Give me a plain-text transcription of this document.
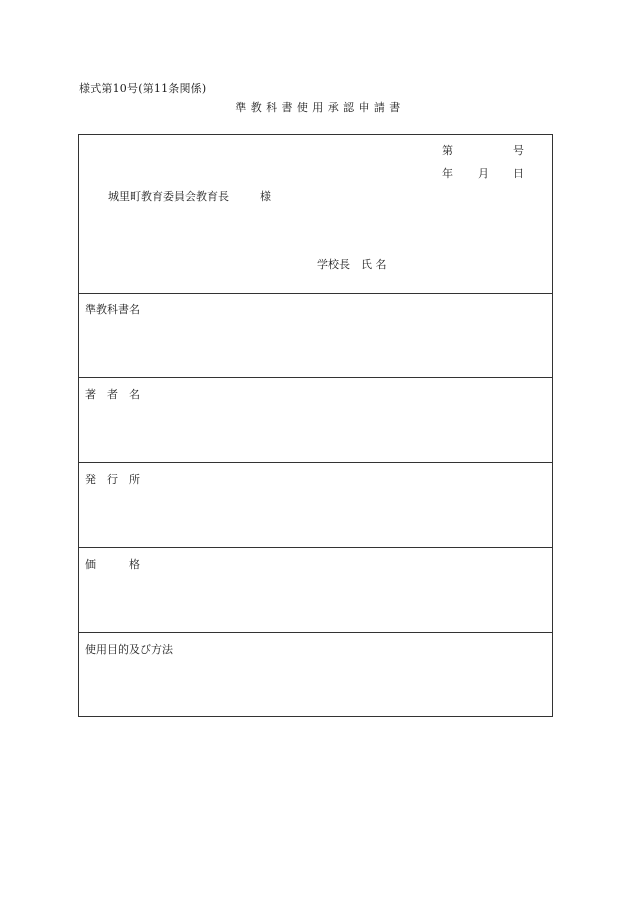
様式第10号(第11条関係)
準教科書使用承認申請書
第	号
年 月 日
城里町教育委員会教育長	様
学校長　氏 名
準教科書名
著　者　名
発　行　所
価　　　格
使用目的及び方法
